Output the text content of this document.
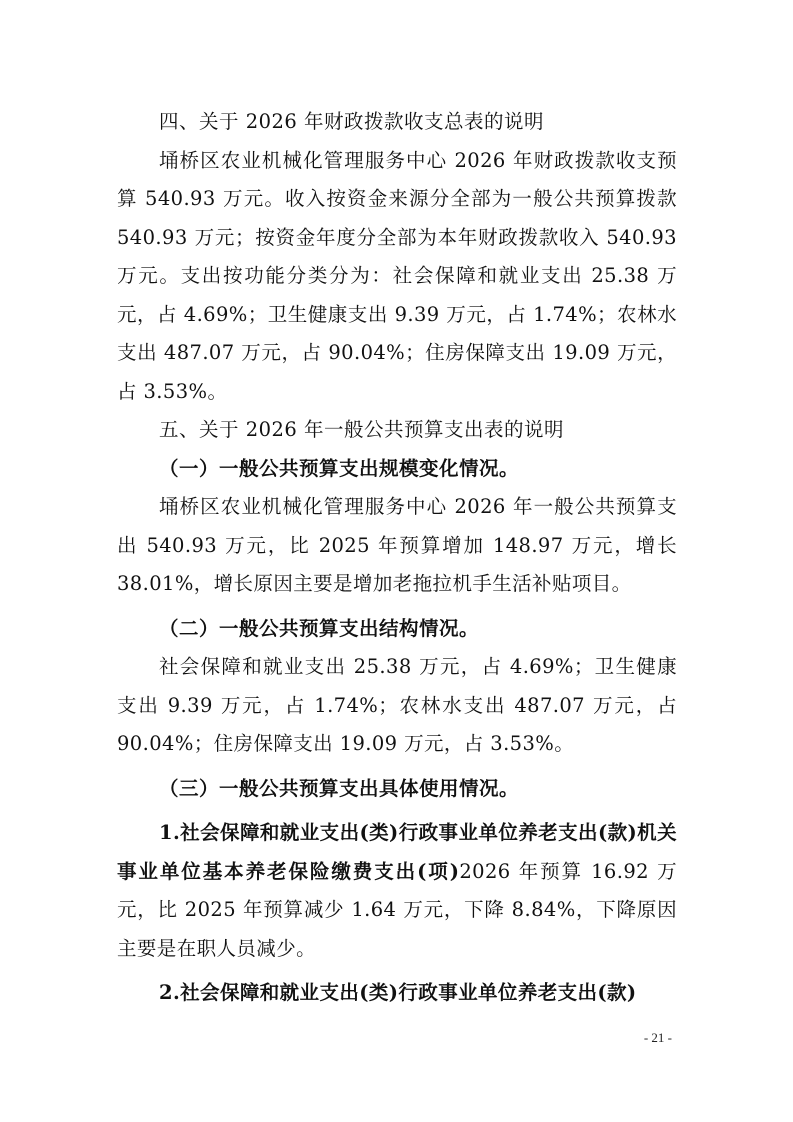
四、关于 2026 年财政拨款收支总表的说明

埇桥区农业机械化管理服务中心 2026 年财政拨款收支预算 540.93 万元。收入按资金来源分全部为一般公共预算拨款 540.93 万元；按资金年度分全部为本年财政拨款收入 540.93 万元。支出按功能分类分为：社会保障和就业支出 25.38 万元，占 4.69%；卫生健康支出 9.39 万元，占 1.74%；农林水支出 487.07 万元，占 90.04%；住房保障支出 19.09 万元，占 3.53%。

五、关于 2026 年一般公共预算支出表的说明

（一）一般公共预算支出规模变化情况。

埇桥区农业机械化管理服务中心 2026 年一般公共预算支出 540.93 万元，比 2025 年预算增加 148.97 万元，增长 38.01%，增长原因主要是增加老拖拉机手生活补贴项目。

（二）一般公共预算支出结构情况。

社会保障和就业支出 25.38 万元，占 4.69%；卫生健康支出 9.39 万元，占 1.74%；农林水支出 487.07 万元，占 90.04%；住房保障支出 19.09 万元，占 3.53%。

（三）一般公共预算支出具体使用情况。

1.社会保障和就业支出(类)行政事业单位养老支出(款)机关事业单位基本养老保险缴费支出(项)2026 年预算 16.92 万元，比 2025 年预算减少 1.64 万元，下降 8.84%，下降原因主要是在职人员减少。

2.社会保障和就业支出(类)行政事业单位养老支出(款)

- 21 -
